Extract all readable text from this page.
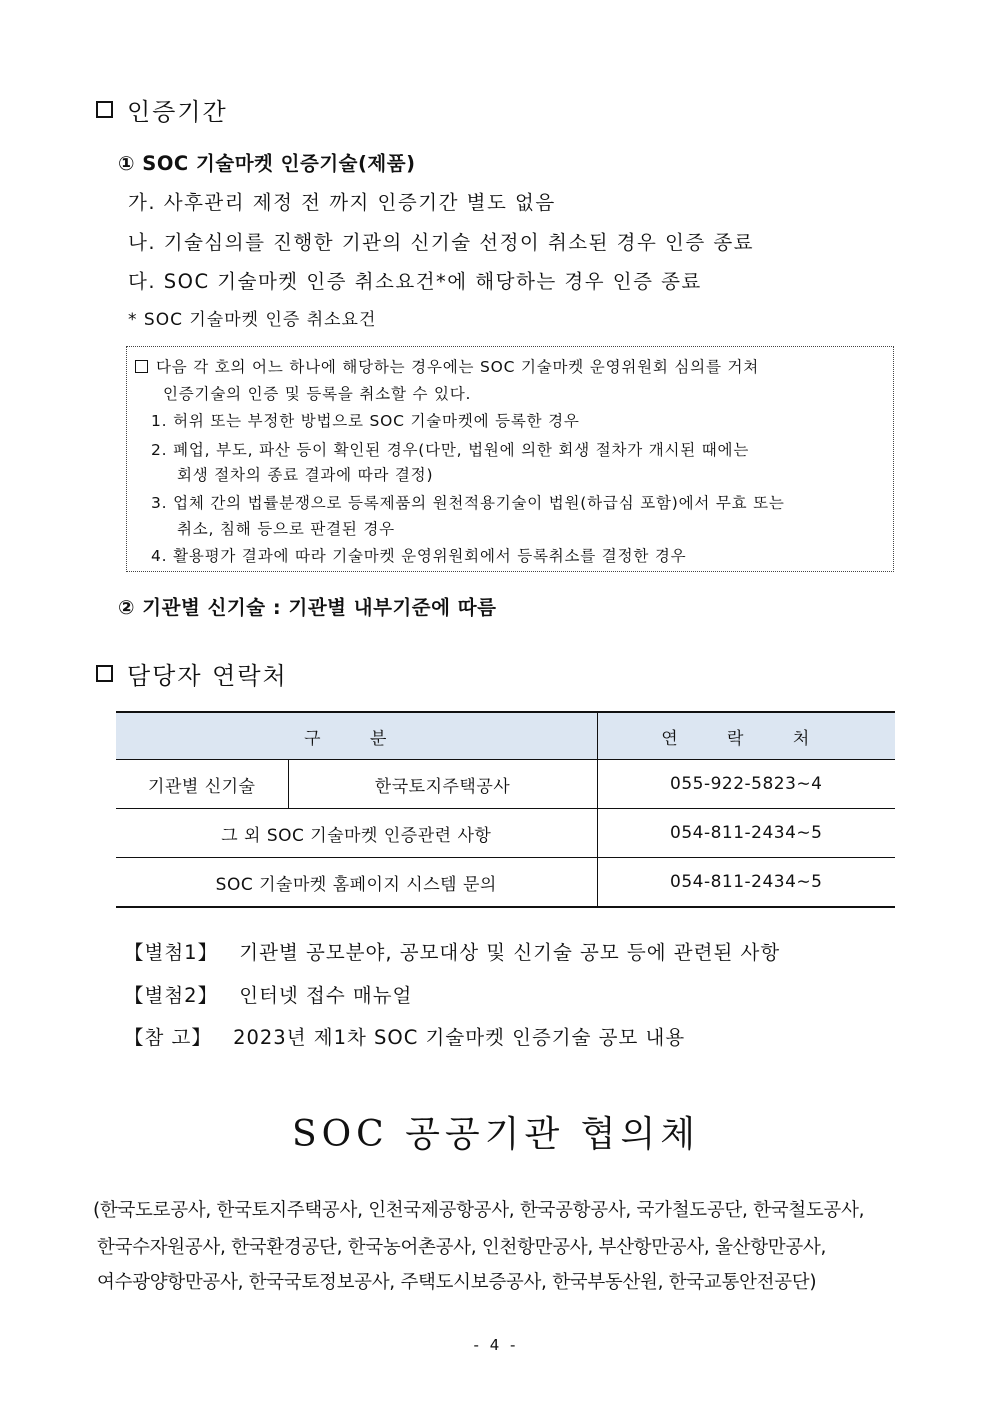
인증기간
① SOC 기술마켓 인증기술(제품)
가. 사후관리 제정 전 까지 인증기간 별도 없음
나. 기술심의를 진행한 기관의 신기술 선정이 취소된 경우 인증 종료
다. SOC 기술마켓 인증 취소요건*에 해당하는 경우 인증 종료
* SOC 기술마켓 인증 취소요건
다음 각 호의 어느 하나에 해당하는 경우에는 SOC 기술마켓 운영위원회 심의를 거쳐
인증기술의 인증 및 등록을 취소할 수 있다.
1. 허위 또는 부정한 방법으로 SOC 기술마켓에 등록한 경우
2. 폐업, 부도, 파산 등이 확인된 경우(다만, 법원에 의한 회생 절차가 개시된 때에는
회생 절차의 종료 결과에 따라 결정)
3. 업체 간의 법률분쟁으로 등록제품의 원천적용기술이 법원(하급심 포함)에서 무효 또는
취소, 침해 등으로 판결된 경우
4. 활용평가 결과에 따라 기술마켓 운영위원회에서 등록취소를 결정한 경우
② 기관별 신기술 : 기관별 내부기준에 따름
담당자 연락처
구 분		연 락 처
기관별 신기술	한국토지주택공사	055-922-5823∼4
그 외 SOC 기술마켓 인증관련 사항		054-811-2434∼5
SOC 기술마켓 홈페이지 시스템 문의		054-811-2434∼5
【별첨1】 기관별 공모분야, 공모대상 및 신기술 공모 등에 관련된 사항
【별첨2】 인터넷 접수 매뉴얼
【참 고】 2023년 제1차 SOC 기술마켓 인증기술 공모 내용
SOC 공공기관 협의체
(한국도로공사, 한국토지주택공사, 인천국제공항공사, 한국공항공사, 국가철도공단, 한국철도공사,
한국수자원공사, 한국환경공단, 한국농어촌공사, 인천항만공사, 부산항만공사, 울산항만공사,
여수광양항만공사, 한국국토정보공사, 주택도시보증공사, 한국부동산원, 한국교통안전공단)
- 4 -
